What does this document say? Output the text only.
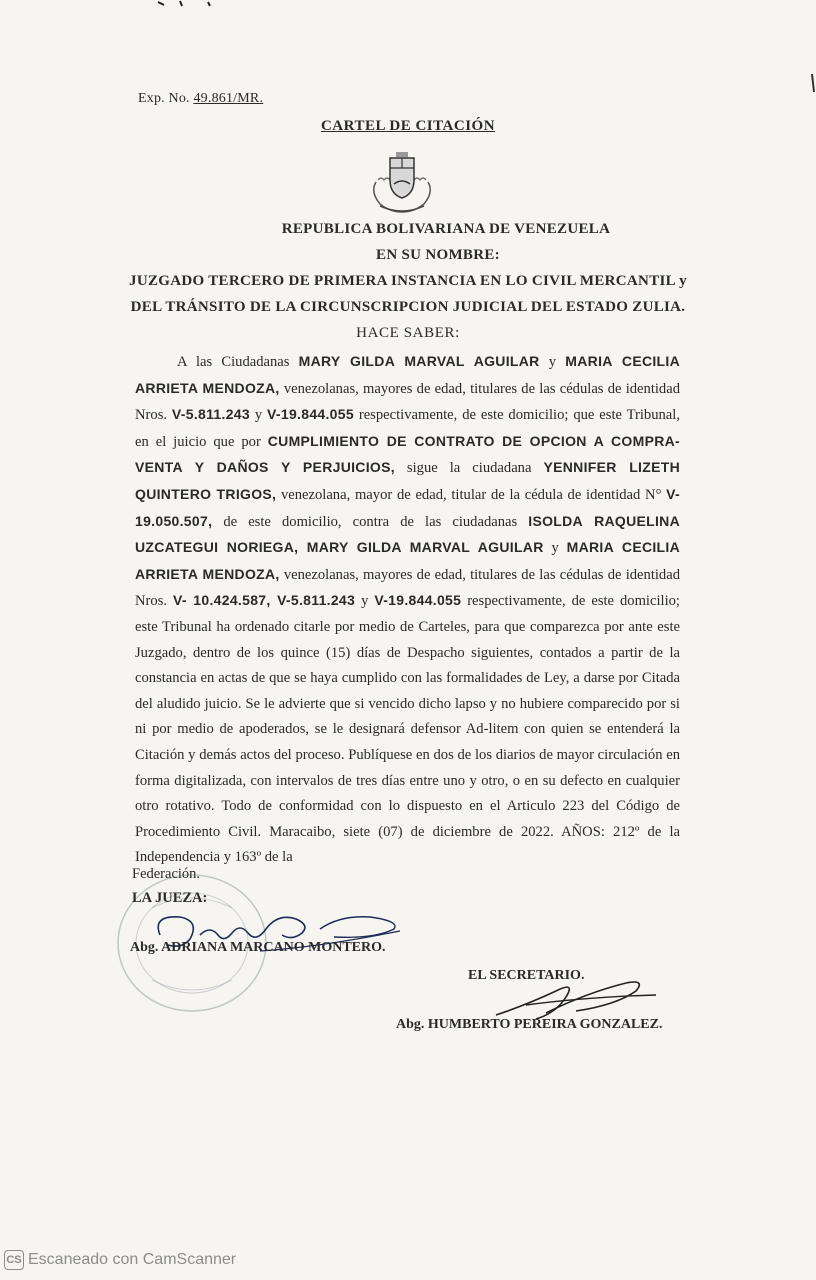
Exp. No. 49.861/MR.
CARTEL DE CITACIÓN
REPUBLICA BOLIVARIANA DE VENEZUELA
EN SU NOMBRE:
JUZGADO TERCERO DE PRIMERA INSTANCIA EN LO CIVIL MERCANTIL y
DEL TRÁNSITO DE LA CIRCUNSCRIPCION JUDICIAL DEL ESTADO ZULIA.
HACE SABER:

A las Ciudadanas MARY GILDA MARVAL AGUILAR y MARIA CECILIA ARRIETA MENDOZA, venezolanas, mayores de edad, titulares de las cédulas de identidad Nros. V-5.811.243 y V-19.844.055 respectivamente, de este domicilio; que este Tribunal, en el juicio que por CUMPLIMIENTO DE CONTRATO DE OPCION A COMPRA-VENTA Y DAÑOS Y PERJUICIOS, sigue la ciudadana YENNIFER LIZETH QUINTERO TRIGOS, venezolana, mayor de edad, titular de la cédula de identidad N° V-19.050.507, de este domicilio, contra de las ciudadanas ISOLDA RAQUELINA UZCATEGUI NORIEGA, MARY GILDA MARVAL AGUILAR y MARIA CECILIA ARRIETA MENDOZA, venezolanas, mayores de edad, titulares de las cédulas de identidad Nros. V- 10.424.587, V-5.811.243 y V-19.844.055 respectivamente, de este domicilio; este Tribunal ha ordenado citarle por medio de Carteles, para que comparezca por ante este Juzgado, dentro de los quince (15) días de Despacho siguientes, contados a partir de la constancia en actas de que se haya cumplido con las formalidades de Ley, a darse por Citada del aludido juicio. Se le advierte que si vencido dicho lapso y no hubiere comparecido por si ni por medio de apoderados, se le designará defensor Ad-litem con quien se entenderá la Citación y demás actos del proceso. Publíquese en dos de los diarios de mayor circulación en forma digitalizada, con intervalos de tres días entre uno y otro, o en su defecto en cualquier otro rotativo. Todo de conformidad con lo dispuesto en el Articulo 223 del Código de Procedimiento Civil. Maracaibo, siete (07) de diciembre de 2022. AÑOS: 212º de la Independencia y 163º de la

Federación.
LA JUEZA:
Abg. ADRIANA MARCANO MONTERO.
EL SECRETARIO.
Abg. HUMBERTO PEREIRA GONZALEZ.
CS Escaneado con CamScanner
